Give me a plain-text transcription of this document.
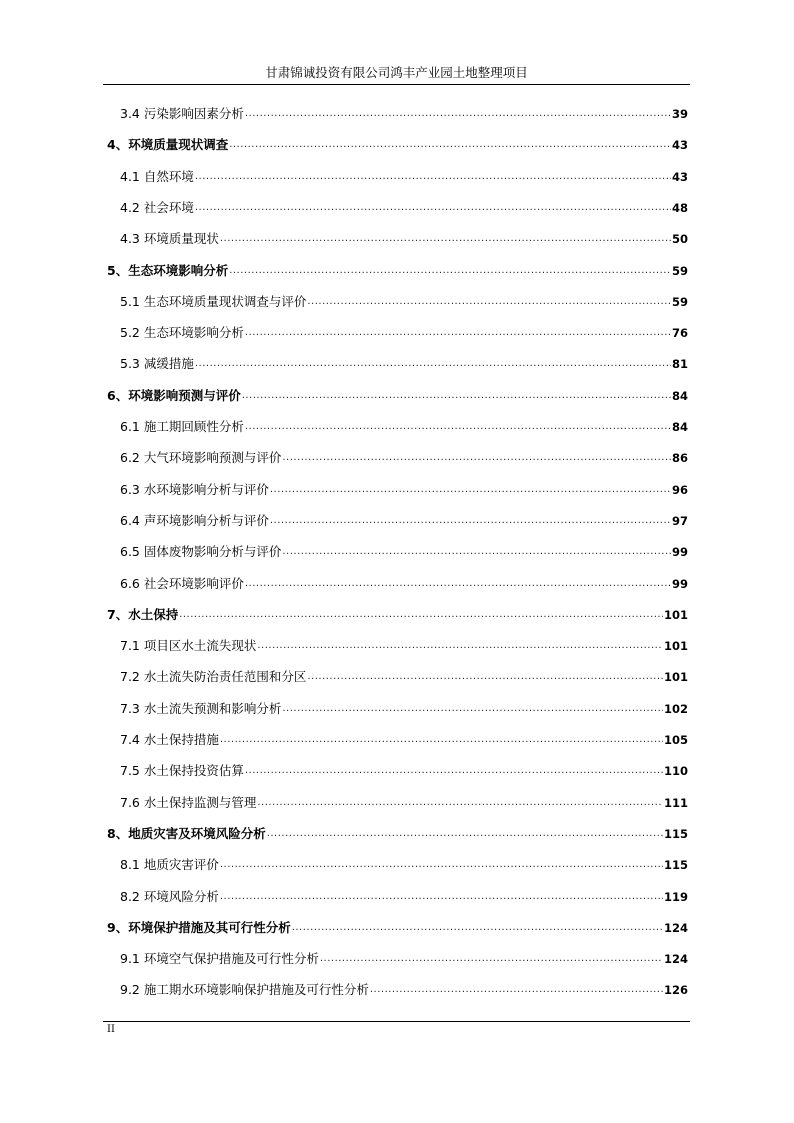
甘肃锦诚投资有限公司鸿丰产业园土地整理项目
3.4 污染影响因素分析 .....	39
4、环境质量现状调查 .....	43
4.1 自然环境 .....	43
4.2 社会环境 .....	48
4.3 环境质量现状 .....	50
5、生态环境影响分析 .....	59
5.1 生态环境质量现状调查与评价 .....	59
5.2 生态环境影响分析 .....	76
5.3 减缓措施 .....	81
6、环境影响预测与评价 .....	84
6.1 施工期回顾性分析 .....	84
6.2 大气环境影响预测与评价 .....	86
6.3 水环境影响分析与评价 .....	96
6.4 声环境影响分析与评价 .....	97
6.5 固体废物影响分析与评价 .....	99
6.6 社会环境影响评价 .....	99
7、水土保持 .....	101
7.1 项目区水土流失现状 .....	101
7.2 水土流失防治责任范围和分区 .....	101
7.3 水土流失预测和影响分析 .....	102
7.4 水土保持措施 .....	105
7.5 水土保持投资估算 .....	110
7.6 水土保持监测与管理 .....	111
8、地质灾害及环境风险分析 .....	115
8.1 地质灾害评价 .....	115
8.2 环境风险分析 .....	119
9、环境保护措施及其可行性分析 .....	124
9.1 环境空气保护措施及可行性分析 .....	124
9.2 施工期水环境影响保护措施及可行性分析 .....	126
II
